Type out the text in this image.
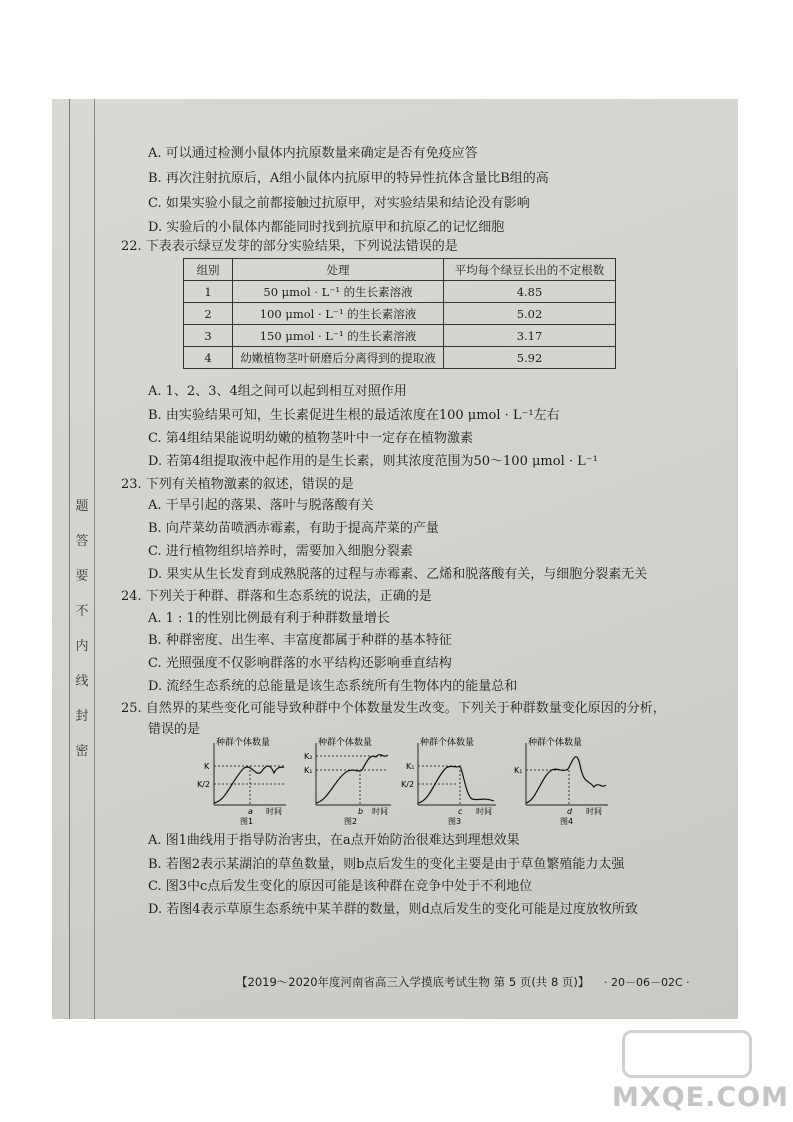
题
答
要
不
内
线
封
密
A. 可以通过检测小鼠体内抗原数量来确定是否有免疫应答
B. 再次注射抗原后，A组小鼠体内抗原甲的特异性抗体含量比B组的高
C. 如果实验小鼠之前都接触过抗原甲，对实验结果和结论没有影响
D. 实验后的小鼠体内都能同时找到抗原甲和抗原乙的记忆细胞
22. 下表表示绿豆发芽的部分实验结果，下列说法错误的是
组别	处理	平均每个绿豆长出的不定根数
1	50 μmol · L⁻¹ 的生长素溶液	4.85
2	100 μmol · L⁻¹ 的生长素溶液	5.02
3	150 μmol · L⁻¹ 的生长素溶液	3.17
4	幼嫩植物茎叶研磨后分离得到的提取液	5.92
A. 1、2、3、4组之间可以起到相互对照作用
B. 由实验结果可知，生长素促进生根的最适浓度在100 μmol · L⁻¹左右
C. 第4组结果能说明幼嫩的植物茎叶中一定存在植物激素
D. 若第4组提取液中起作用的是生长素，则其浓度范围为50～100 μmol · L⁻¹
23. 下列有关植物激素的叙述，错误的是
A. 干旱引起的落果、落叶与脱落酸有关
B. 向芹菜幼苗喷洒赤霉素，有助于提高芹菜的产量
C. 进行植物组织培养时，需要加入细胞分裂素
D. 果实从生长发育到成熟脱落的过程与赤霉素、乙烯和脱落酸有关，与细胞分裂素无关
24. 下列关于种群、群落和生态系统的说法，正确的是
A. 1 : 1的性别比例最有利于种群数量增长
B. 种群密度、出生率、丰富度都属于种群的基本特征
C. 光照强度不仅影响群落的水平结构还影响垂直结构
D. 流经生态系统的总能量是该生态系统所有生物体内的能量总和
25. 自然界的某些变化可能导致种群中个体数量发生改变。下列关于种群数量变化原因的分析，
错误的是
种群个体数量
K
K/2
a 时间
图1
种群个体数量
K₂
K₁
b 时间
图2
种群个体数量
K₁
K/2
c 时间
图3
种群个体数量
K₁
d 时间
图4
A. 图1曲线用于指导防治害虫，在a点开始防治很难达到理想效果
B. 若图2表示某湖泊的草鱼数量，则b点后发生的变化主要是由于草鱼繁殖能力太强
C. 图3中c点后发生变化的原因可能是该种群在竞争中处于不利地位
D. 若图4表示草原生态系统中某羊群的数量，则d点后发生的变化可能是过度放牧所致
【2019～2020年度河南省高三入学摸底考试生物 第 5 页(共 8 页)】 · 20－06－02C ·
MXQE.COM
